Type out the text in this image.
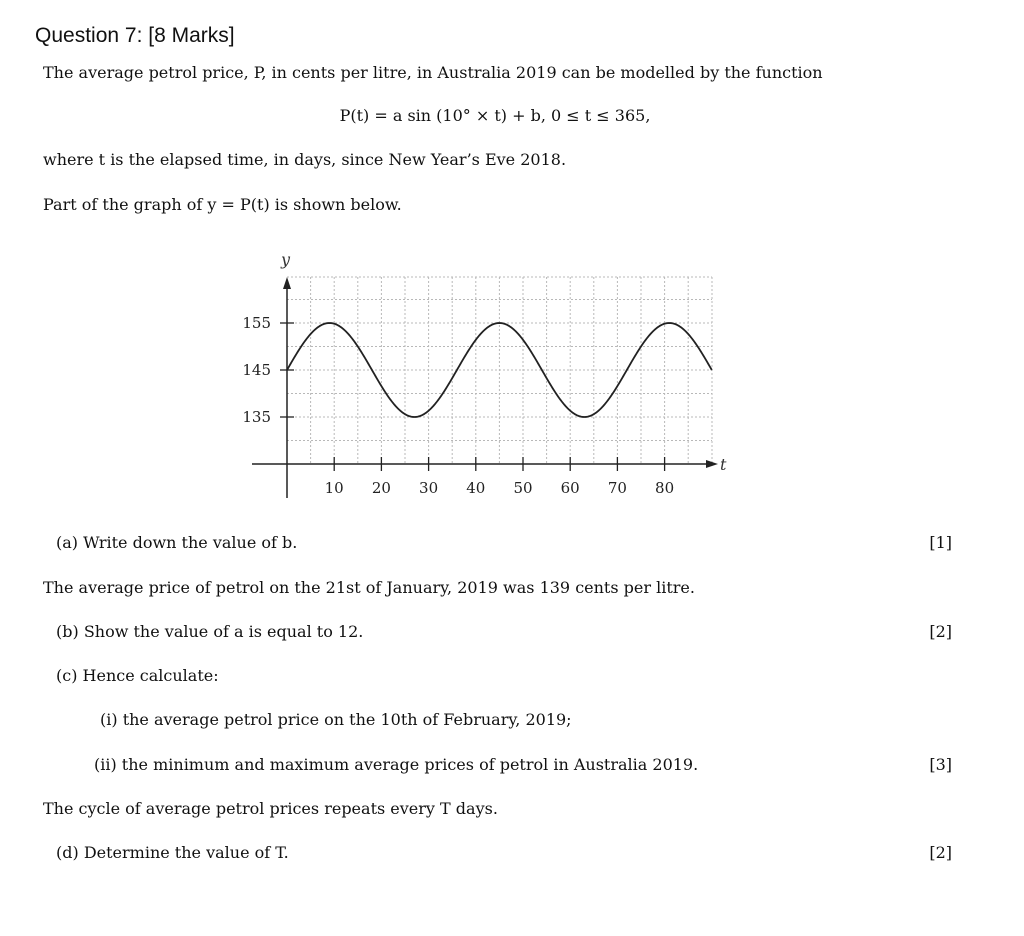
Question 7: [8 Marks]
The average petrol price, P, in cents per litre, in Australia 2019 can be modelled by the function
P(t) = a sin (10° × t) + b, 0 ≤ t ≤ 365,
where t is the elapsed time, in days, since New Year’s Eve 2018.
Part of the graph of y = P(t) is shown below.
10 20 30 40 50 60 70 80
155
145
135
y
t
(a) Write down the value of b.	[1]
The average price of petrol on the 21st of January, 2019 was 139 cents per litre.
(b) Show the value of a is equal to 12.	[2]
(c) Hence calculate:
(i) the average petrol price on the 10th of February, 2019;
(ii) the minimum and maximum average prices of petrol in Australia 2019.	[3]
The cycle of average petrol prices repeats every T days.
(d) Determine the value of T.	[2]
